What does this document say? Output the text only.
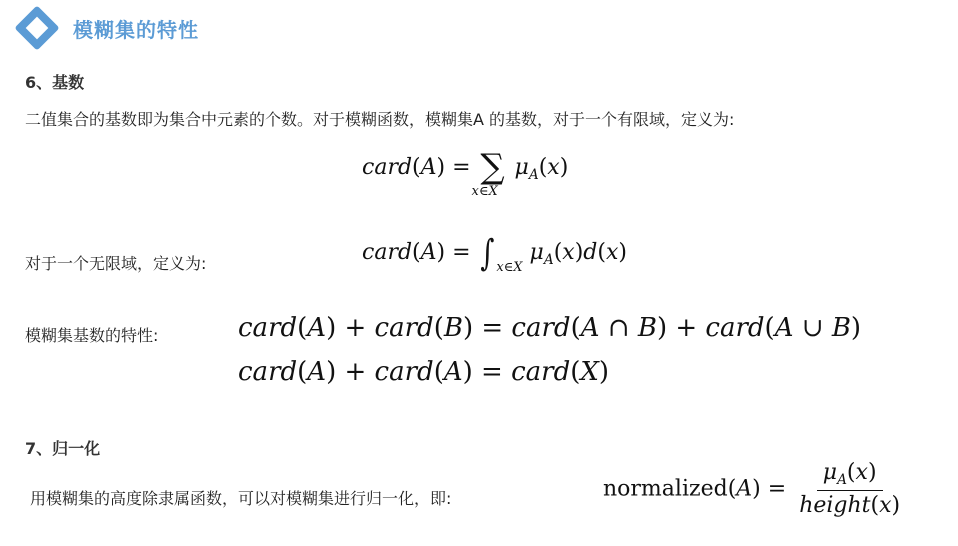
模糊集的特性
6、基数
二值集合的基数即为集合中元素的个数。对于模糊函数，模糊集A 的基数，对于一个有限域，定义为:
card(A) = ∑
x∈X
$\mu_A(x)$
对于一个无限域，定义为:	card(A) = ∫ $_{x\in X}$ $\mu_A(x)d(x)$
模糊集基数的特性:	card(A) + card(B) = card(A ∩ B) + card(A ∪ B)
card(A) + card(A) = card(X)
7、归一化
用模糊集的高度除隶属函数，可以对模糊集进行归一化，即:	normalized(A) = $\frac{\mu_A(x)}{\text{height(x)}}$
